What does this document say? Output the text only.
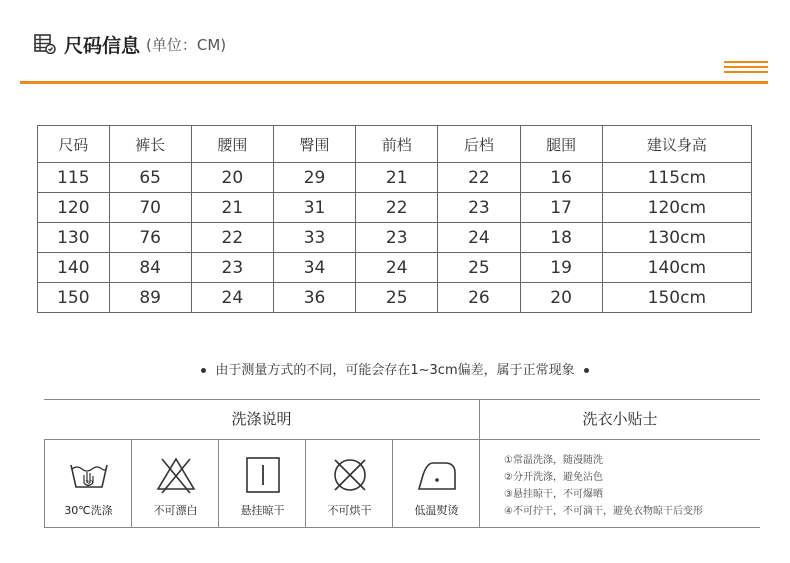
尺码信息 (单位：CM)
尺码	裤长	腰围	臀围	前档	后档	腿围	建议身高
115	65	20	29	21	22	16	115cm
120	70	21	31	22	23	17	120cm
130	76	22	33	23	24	18	130cm
140	84	23	34	24	25	19	140cm
150	89	24	36	25	26	20	150cm
由于测量方式的不同，可能会存在1~3cm偏差，属于正常现象
洗涤说明	洗衣小贴士
30
30℃洗涤	不可漂白	悬挂晾干	不可烘干	低温熨烫
①常温洗涤，随漫随洗
②分开洗涤，避免沾色
③悬挂晾干，不可爆晒
④不可拧干，不可滴干，避免衣物晾干后变形
